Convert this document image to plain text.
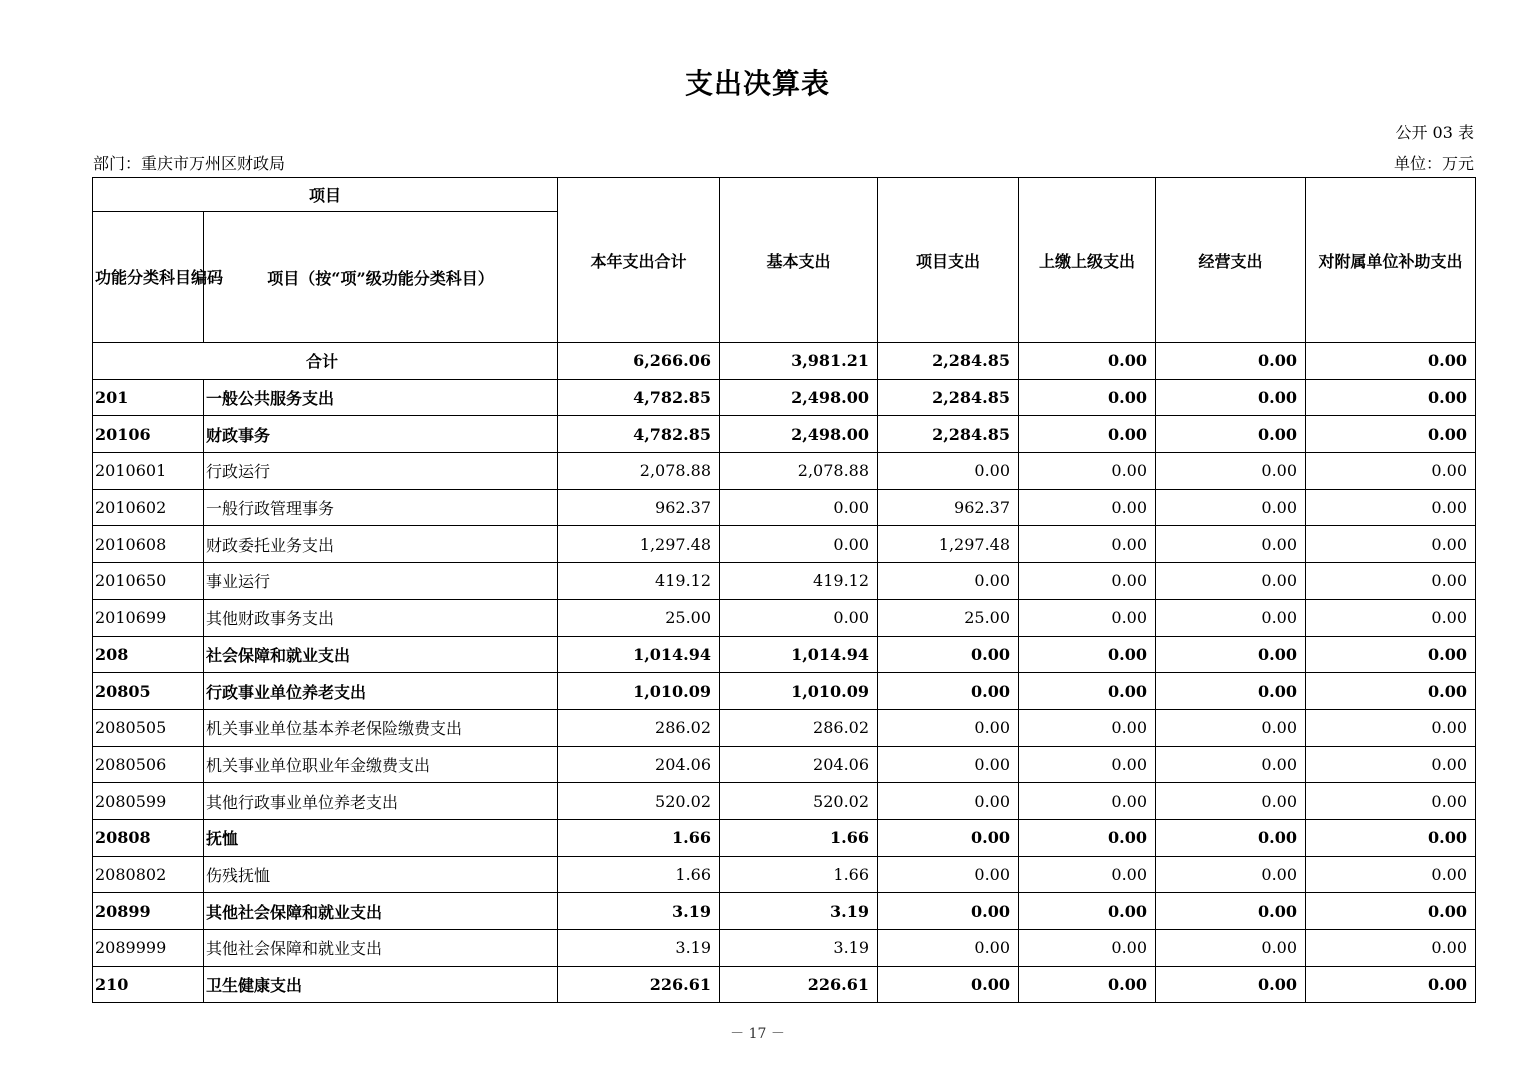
支出决算表
公开 03 表
部门：重庆市万州区财政局	单位：万元
项目		本年支出合计	基本支出	项目支出	上缴上级支出	经营支出	对附属单位补助支出
功能分类科目编码	项目（按“项”级功能分类科目）						
合计		6,266.06	3,981.21	2,284.85	0.00	0.00	0.00
201	一般公共服务支出	4,782.85	2,498.00	2,284.85	0.00	0.00	0.00
20106	财政事务	4,782.85	2,498.00	2,284.85	0.00	0.00	0.00
2010601	行政运行	2,078.88	2,078.88	0.00	0.00	0.00	0.00
2010602	一般行政管理事务	962.37	0.00	962.37	0.00	0.00	0.00
2010608	财政委托业务支出	1,297.48	0.00	1,297.48	0.00	0.00	0.00
2010650	事业运行	419.12	419.12	0.00	0.00	0.00	0.00
2010699	其他财政事务支出	25.00	0.00	25.00	0.00	0.00	0.00
208	社会保障和就业支出	1,014.94	1,014.94	0.00	0.00	0.00	0.00
20805	行政事业单位养老支出	1,010.09	1,010.09	0.00	0.00	0.00	0.00
2080505	机关事业单位基本养老保险缴费支出	286.02	286.02	0.00	0.00	0.00	0.00
2080506	机关事业单位职业年金缴费支出	204.06	204.06	0.00	0.00	0.00	0.00
2080599	其他行政事业单位养老支出	520.02	520.02	0.00	0.00	0.00	0.00
20808	抚恤	1.66	1.66	0.00	0.00	0.00	0.00
2080802	伤残抚恤	1.66	1.66	0.00	0.00	0.00	0.00
20899	其他社会保障和就业支出	3.19	3.19	0.00	0.00	0.00	0.00
2089999	其他社会保障和就业支出	3.19	3.19	0.00	0.00	0.00	0.00
210	卫生健康支出	226.61	226.61	0.00	0.00	0.00	0.00
－ 17 －
